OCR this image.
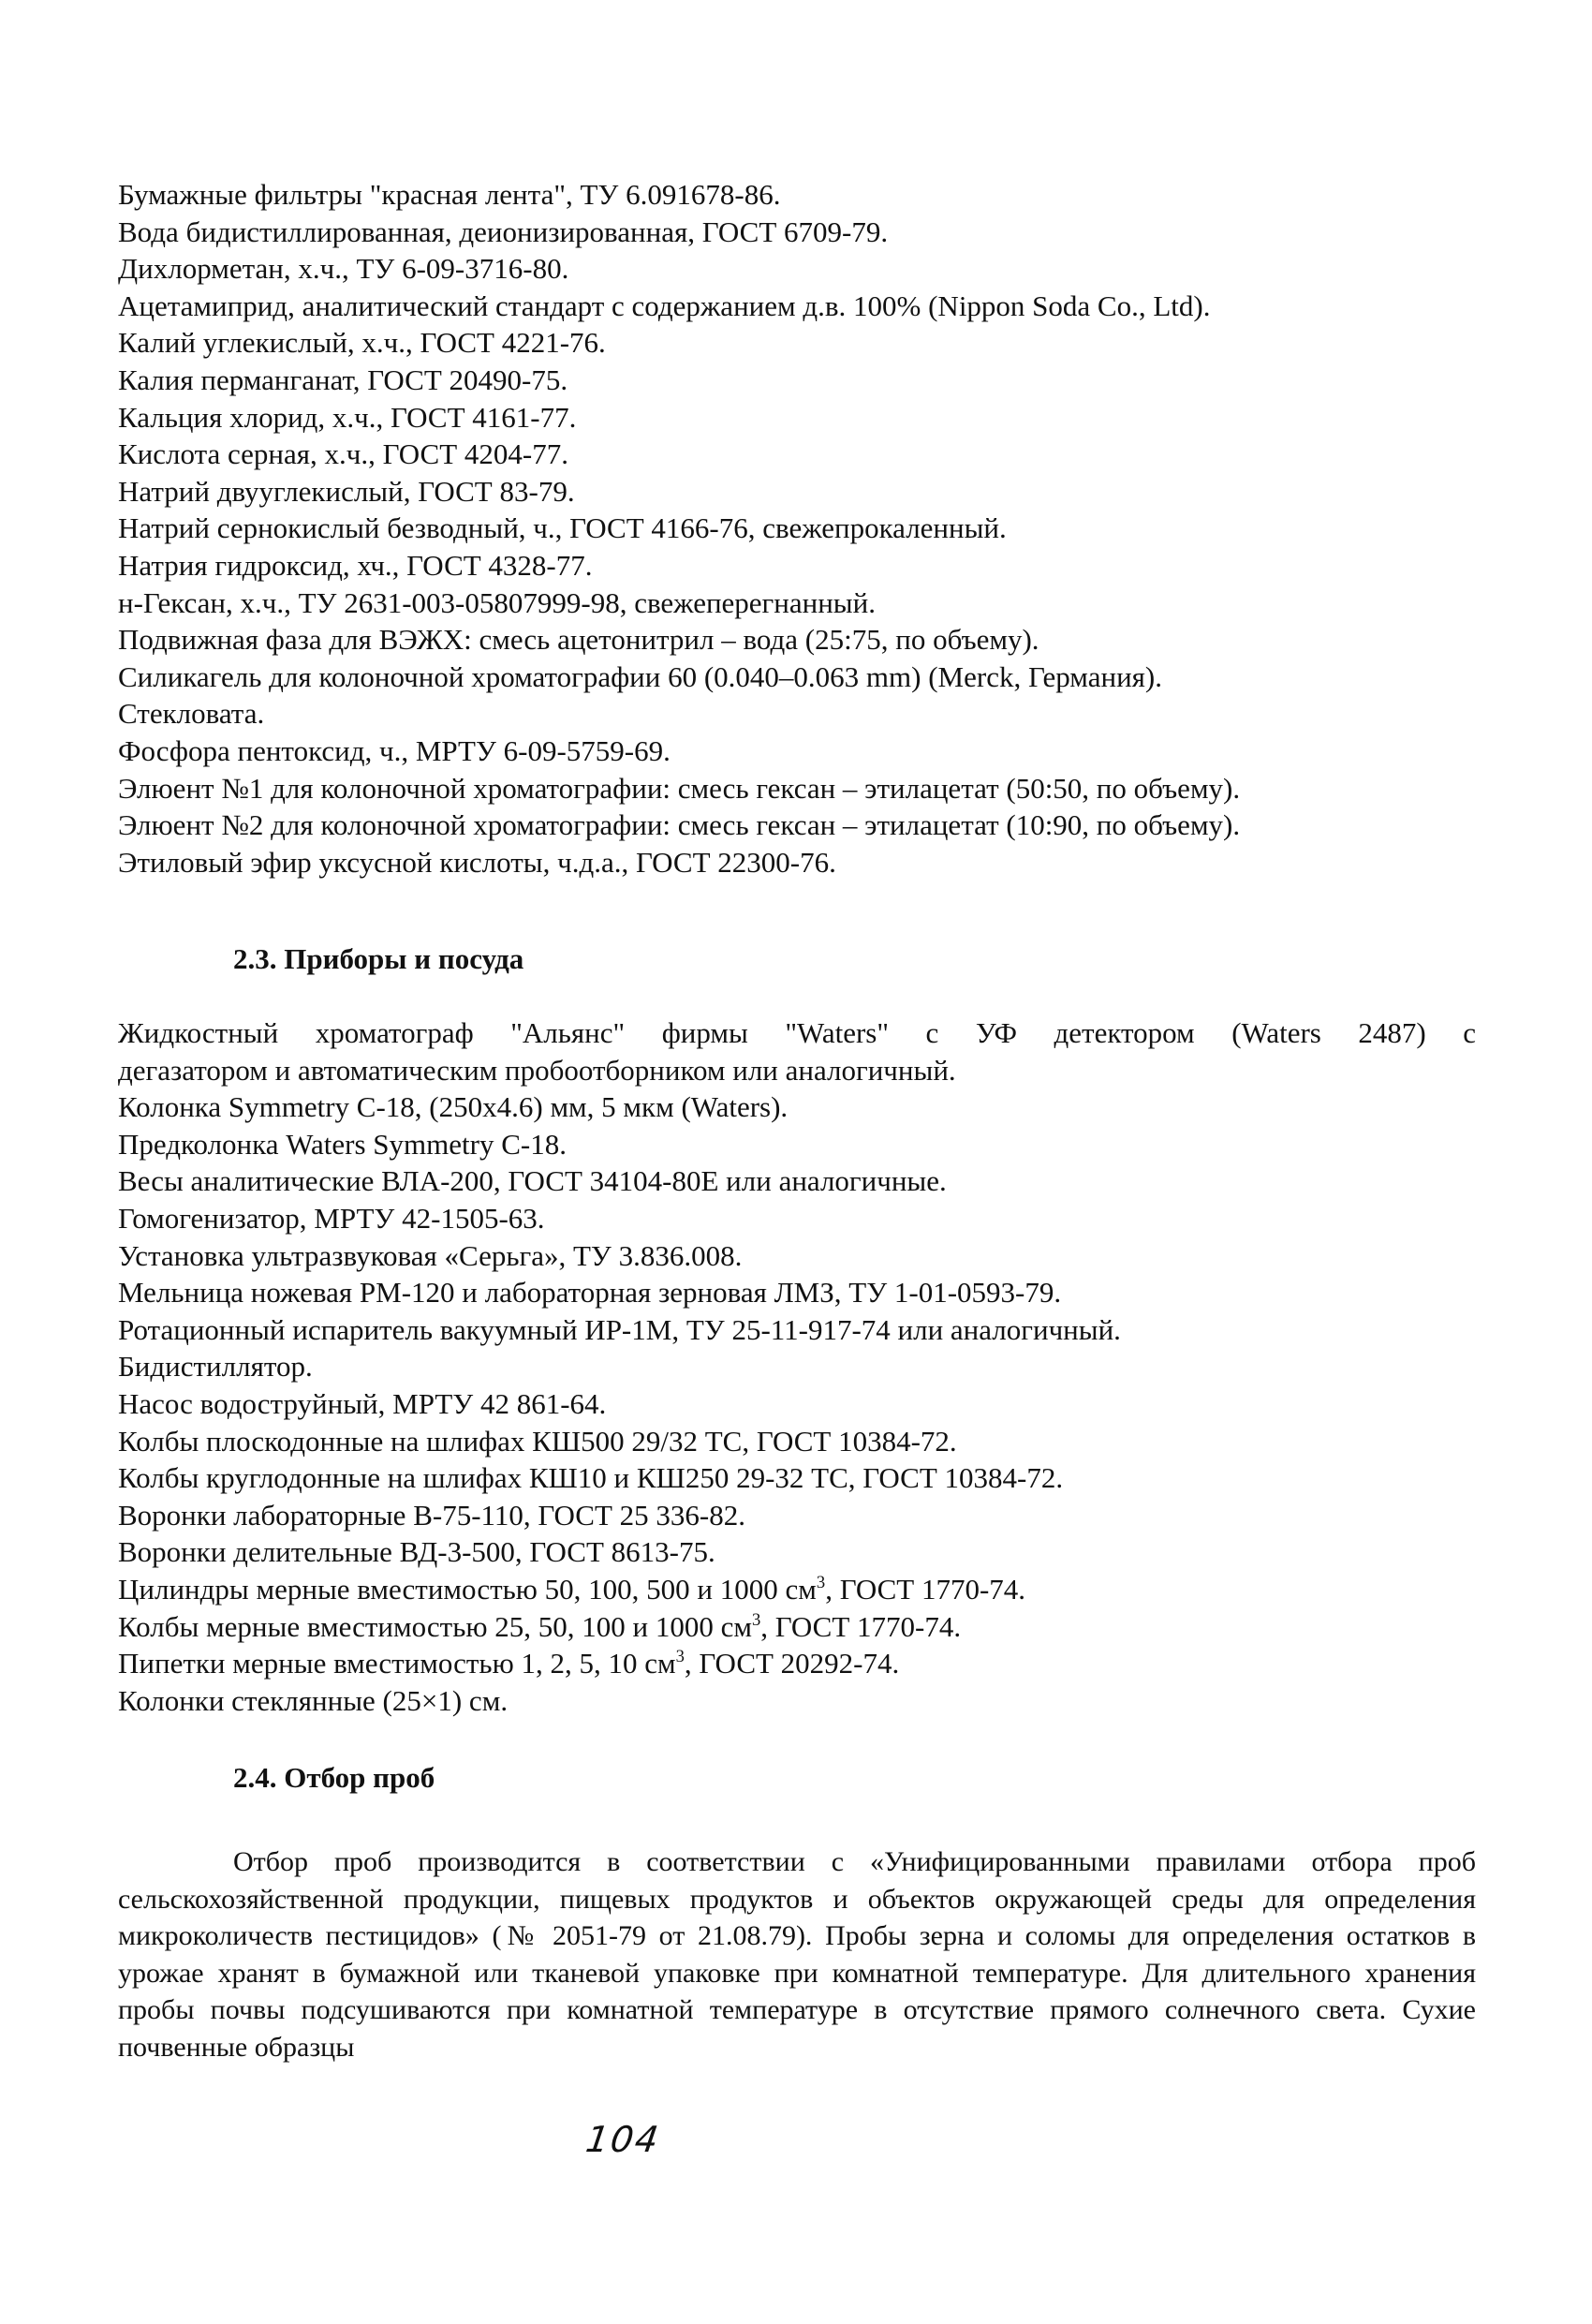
Бумажные фильтры "красная лента", ТУ 6.091678-86.
Вода бидистиллированная, деионизированная, ГОСТ 6709-79.
Дихлорметан, х.ч., ТУ 6-09-3716-80.
Ацетамиприд, аналитический стандарт с содержанием д.в. 100% (Nippon Soda Co., Ltd).
Калий углекислый, х.ч., ГОСТ 4221-76.
Калия перманганат, ГОСТ 20490-75.
Кальция хлорид, х.ч., ГОСТ 4161-77.
Кислота серная, х.ч., ГОСТ 4204-77.
Натрий двууглекислый, ГОСТ 83-79.
Натрий сернокислый безводный, ч., ГОСТ 4166-76, свежепрокаленный.
Натрия гидроксид, хч., ГОСТ 4328-77.
н-Гексан, х.ч., ТУ 2631-003-05807999-98, свежеперегнанный.
Подвижная фаза для ВЭЖХ: смесь ацетонитрил – вода (25:75, по объему).
Силикагель для колоночной хроматографии 60 (0.040–0.063 mm) (Merck, Германия).
Стекловата.
Фосфора пентоксид, ч., МРТУ 6-09-5759-69.
Элюент №1 для колоночной хроматографии: смесь гексан – этилацетат (50:50, по объему).
Элюент №2 для колоночной хроматографии: смесь гексан – этилацетат (10:90, по объему).
Этиловый эфир уксусной кислоты, ч.д.а., ГОСТ 22300-76.
2.3. Приборы и посуда
Жидкостный хроматограф "Альянс" фирмы "Waters" с УФ детектором (Waters 2487) с
дегазатором и автоматическим пробоотборником или аналогичный.
Колонка Symmetry C-18, (250x4.6) мм, 5 мкм (Waters).
Предколонка Waters Symmetry C-18.
Весы аналитические ВЛА-200, ГОСТ 34104-80Е или аналогичные.
Гомогенизатор, МРТУ 42-1505-63.
Установка ультразвуковая «Серьга», ТУ 3.836.008.
Мельница ножевая РМ-120 и лабораторная зерновая ЛМЗ, ТУ 1-01-0593-79.
Ротационный испаритель вакуумный ИР-1М, ТУ 25-11-917-74 или аналогичный.
Бидистиллятор.
Насос водоструйный, МРТУ 42 861-64.
Колбы плоскодонные на шлифах КШ500 29/32 ТС, ГОСТ 10384-72.
Колбы круглодонные на шлифах КШ10 и КШ250 29-32 ТС, ГОСТ 10384-72.
Воронки лабораторные В-75-110, ГОСТ 25 336-82.
Воронки делительные ВД-3-500, ГОСТ 8613-75.
Цилиндры мерные вместимостью 50, 100, 500 и 1000 $см^3$, ГОСТ 1770-74.
Колбы мерные вместимостью 25, 50, 100 и 1000 $см^3$, ГОСТ 1770-74.
Пипетки мерные вместимостью 1, 2, 5, 10 $см^3$, ГОСТ 20292-74.
Колонки стеклянные (25×1) см.
2.4. Отбор проб

Отбор проб производится в соответствии с «Унифицированными правилами отбора проб сельскохозяйственной продукции, пищевых продуктов и объектов окружающей среды для определения микроколичеств пестицидов» (№ 2051-79 от 21.08.79). Пробы зерна и соломы для определения остатков в урожае хранят в бумажной или тканевой упаковке при комнатной температуре. Для длительного хранения пробы почвы подсушиваются при комнатной температуре в отсутствие прямого солнечного света. Сухие почвенные образцы

104
